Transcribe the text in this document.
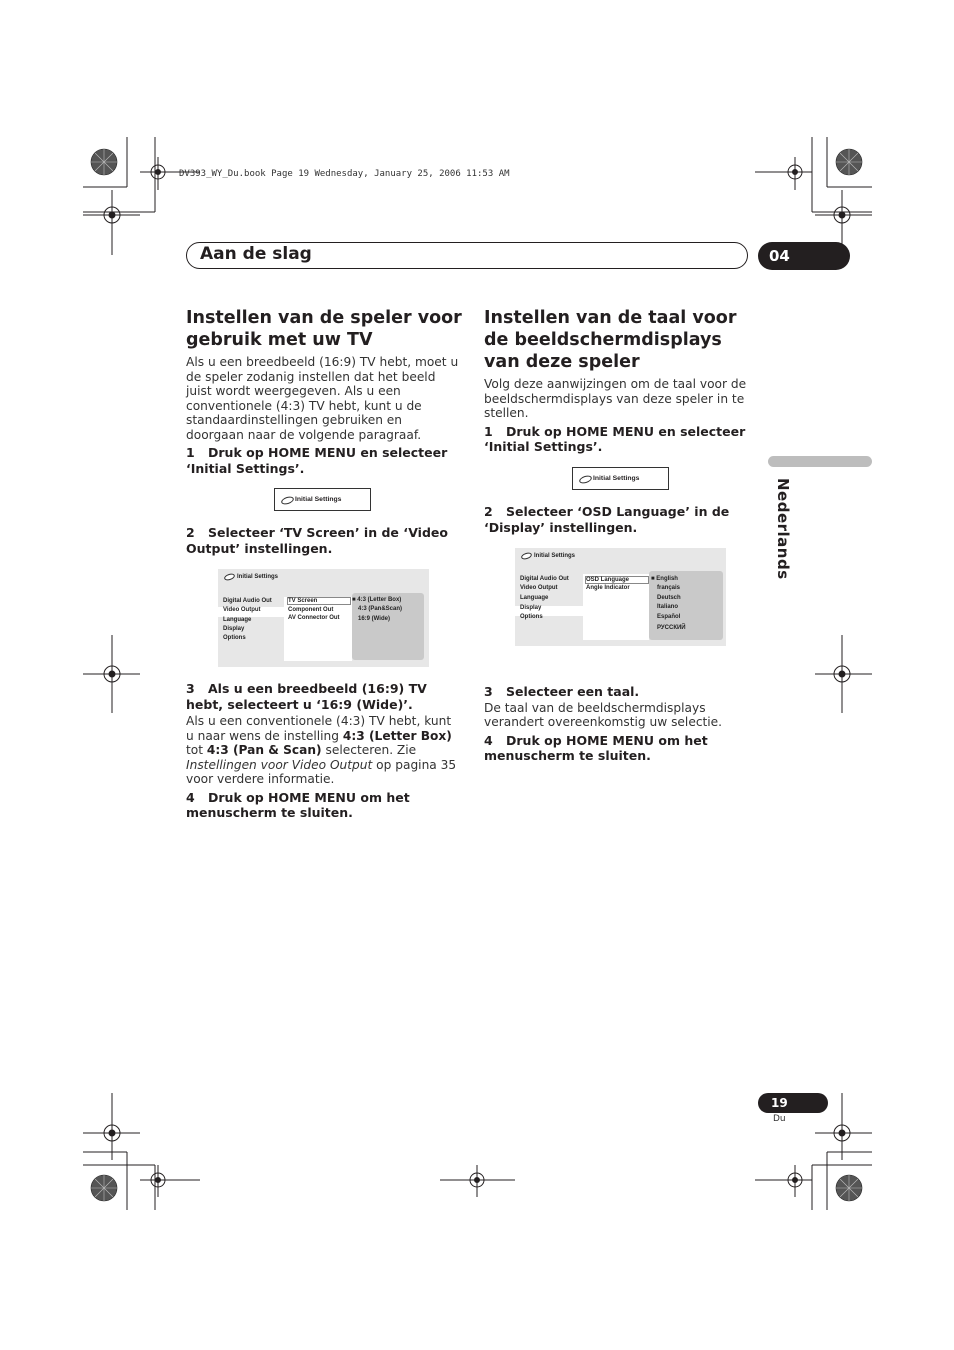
DV393_WY_Du.book Page 19 Wednesday, January 25, 2006 11:53 AM
Aan de slag	04
Nederlands
Instellen van de speler voor gebruik met uw TV
Als u een breedbeeld (16:9) TV hebt, moet u de speler zodanig instellen dat het beeld juist wordt weergegeven. Als u een conventionele (4:3) TV hebt, kunt u de standaardinstellingen gebruiken en doorgaan naar de volgende paragraaf.
1 Druk op HOME MENU en selecteer ‘Initial Settings’.
Initial Settings
2 Selecteer ‘TV Screen’ in de ‘Video Output’ instellingen.
Initial Settings
Digital Audio Out
Video Output
Language
Display
Options
TV Screen
Component Out
AV Connector Out
■ 4:3 (Letter Box)
4:3 (Pan&Scan)
16:9 (Wide)
3 Als u een breedbeeld (16:9) TV hebt, selecteert u ‘16:9 (Wide)’.
Als u een conventionele (4:3) TV hebt, kunt u naar wens de instelling 4:3 (Letter Box) tot 4:3 (Pan & Scan) selecteren. Zie Instellingen voor Video Output op pagina 35 voor verdere informatie.
4 Druk op HOME MENU om het menuscherm te sluiten.
Instellen van de taal voor de beeldschermdisplays van deze speler
Volg deze aanwijzingen om de taal voor de beeldschermdisplays van deze speler in te stellen.
1 Druk op HOME MENU en selecteer ‘Initial Settings’.
Initial Settings
2 Selecteer ‘OSD Language’ in de ‘Display’ instellingen.
Initial Settings
Digital Audio Out
Video Output
Language
Display
Options
OSD Language
Angle Indicator
■ English
français
Deutsch
Italiano
Español
РУССКИЙ
3 Selecteer een taal.
De taal van de beeldschermdisplays verandert overeenkomstig uw selectie.
4 Druk op HOME MENU om het menuscherm te sluiten.
19
Du
